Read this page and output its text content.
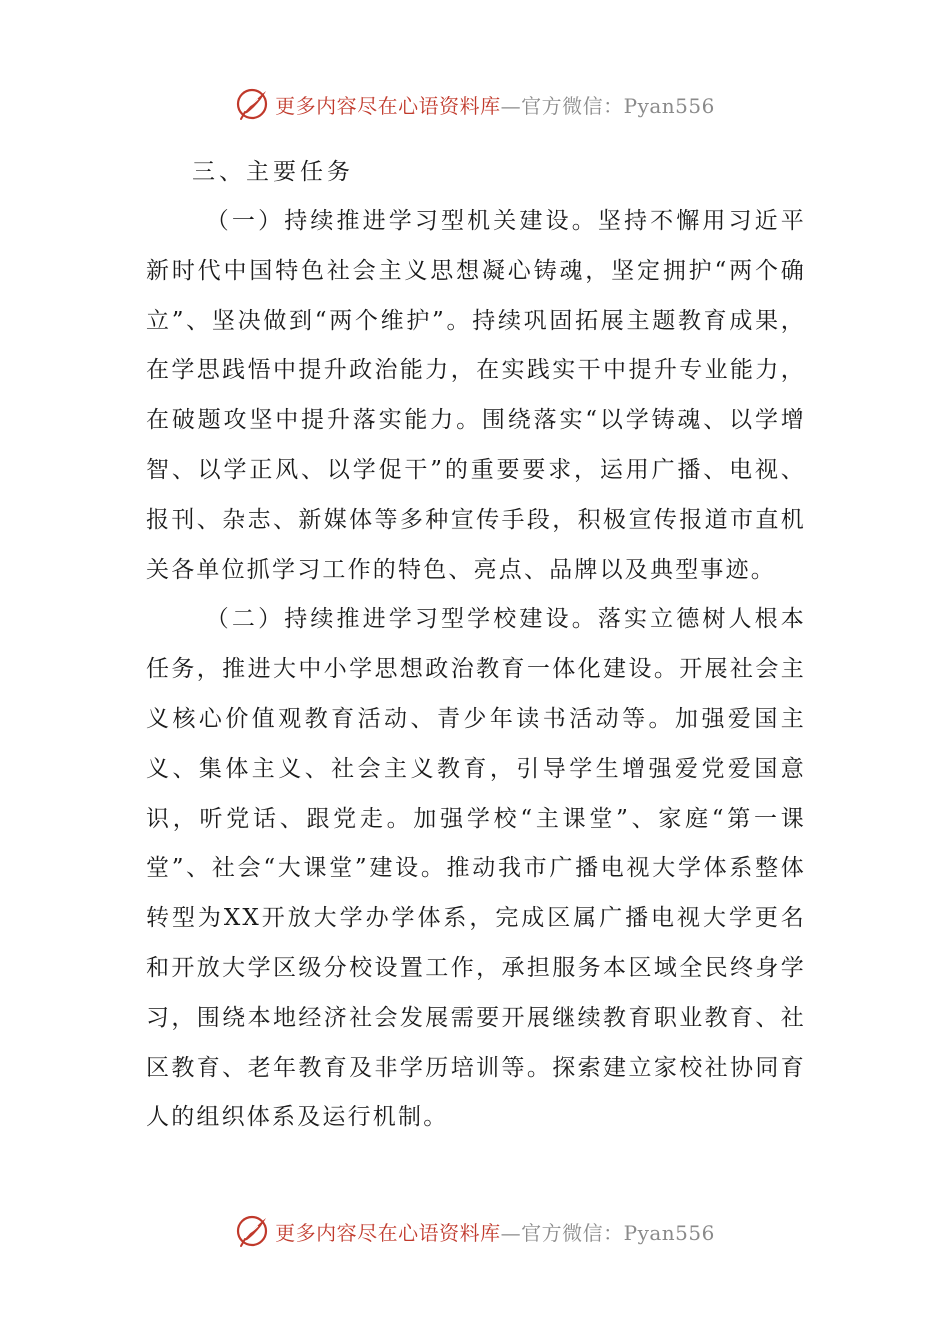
更多内容尽在心语资料库—官方微信：Pyan556
三、主要任务

（一）持续推进学习型机关建设。坚持不懈用习近平新时代中国特色社会主义思想凝心铸魂，坚定拥护“两个确立”、坚决做到“两个维护”。持续巩固拓展主题教育成果，在学思践悟中提升政治能力，在实践实干中提升专业能力，在破题攻坚中提升落实能力。围绕落实“以学铸魂、以学增智、以学正风、以学促干”的重要要求，运用广播、电视、报刊、杂志、新媒体等多种宣传手段，积极宣传报道市直机关各单位抓学习工作的特色、亮点、品牌以及典型事迹。

（二）持续推进学习型学校建设。落实立德树人根本任务，推进大中小学思想政治教育一体化建设。开展社会主义核心价值观教育活动、青少年读书活动等。加强爱国主义、集体主义、社会主义教育，引导学生增强爱党爱国意识，听党话、跟党走。加强学校“主课堂”、家庭“第一课堂”、社会“大课堂”建设。推动我市广播电视大学体系整体转型为XX开放大学办学体系，完成区属广播电视大学更名和开放大学区级分校设置工作，承担服务本区域全民终身学习，围绕本地经济社会发展需要开展继续教育职业教育、社区教育、老年教育及非学历培训等。探索建立家校社协同育人的组织体系及运行机制。

更多内容尽在心语资料库—官方微信：Pyan556
